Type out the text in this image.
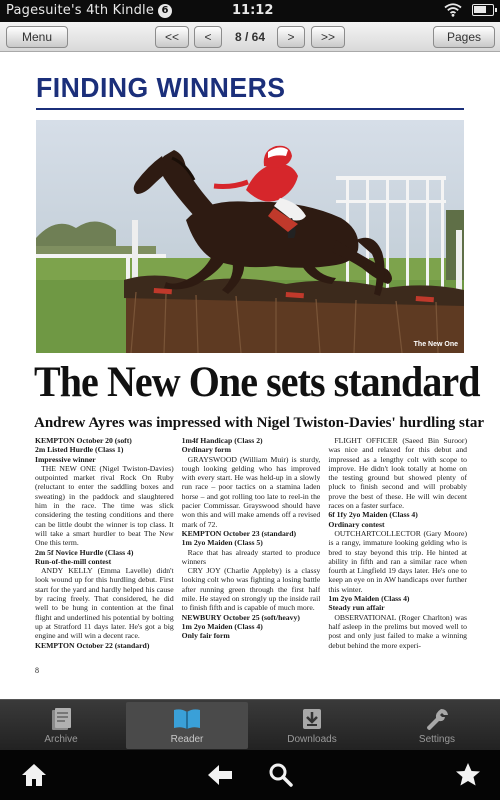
Pagesuite's 4th Kindle 6	11:12
Menu	<<	<	8 / 64	>	>>	Pages
FINDING WINNERS
The New One
The New One sets standard
Andrew Ayres was impressed with Nigel Twiston-Davies' hurdling star
KEMPTON October 20 (soft)
2m Listed Hurdle (Class 1)
Impressive winner

THE NEW ONE (Nigel Twiston-Davies) outpointed market rival Rock On Ruby (reluctant to enter the saddling boxes and sweating) in the paddock and slaughtered him in the race. The time was slick considering the testing conditions and there can be little doubt the winner is top class. It will take a smart hurdler to beat The New One this term.

2m 5f Novice Hurdle (Class 4)
Run-of-the-mill contest

ANDY KELLY (Emma Lavelle) didn't look wound up for this hurdling debut. First start for the yard and hardly helped his cause by racing freely. That considered, he did well to be hung in contention at the final flight and underlined his potential by bolting up at Stratford 11 days later. He's got a big engine and will win a decent race.

KEMPTON October 22 (standard)
1m4f Handicap (Class 2)
Ordinary form

GRAYSWOOD (William Muir) is sturdy, tough looking gelding who has improved with every start. He was held-up in a slowly run race – poor tactics on a stamina laden horse – and got rolling too late to reel-in the pacier Commissar. Grayswood should have won this and will make amends off a revised mark of 72.

KEMPTON October 23 (standard)
1m 2yo Maiden (Class 5)

Race that has already started to produce winners

CRY JOY (Charlie Appleby) is a classy looking colt who was fighting a losing battle after running green through the first half mile. He stayed on strongly up the inside rail to finish fifth and is capable of much more.

NEWBURY October 25 (soft/heavy)
1m 2yo Maiden (Class 4)
Only fair form

FLIGHT OFFICER (Saeed Bin Suroor) was nice and relaxed for this debut and impressed as a lengthy colt with scope to improve. He didn't look totally at home on the testing ground but showed plenty of pluck to finish second and will probably prove the best of these. He will win decent races on a faster surface.

6f 1fy 2yo Maiden (Class 4)
Ordinary contest

OUTCHARTCOLLECTOR (Gary Moore) is a rangy, immature looking gelding who is bred to stay beyond this trip. He hinted at ability in fifth and ran a similar race when fourth at Lingfield 19 days later. He's one to keep an eye on in AW handicaps over further this winter.

1m 2yo Maiden (Class 4)
Steady run affair

OBSERVATIONAL (Roger Charlton) was half asleep in the prelims but moved well to post and only just failed to make a winning debut behind the more experi-

8
Archive	Reader	Downloads	Settings
